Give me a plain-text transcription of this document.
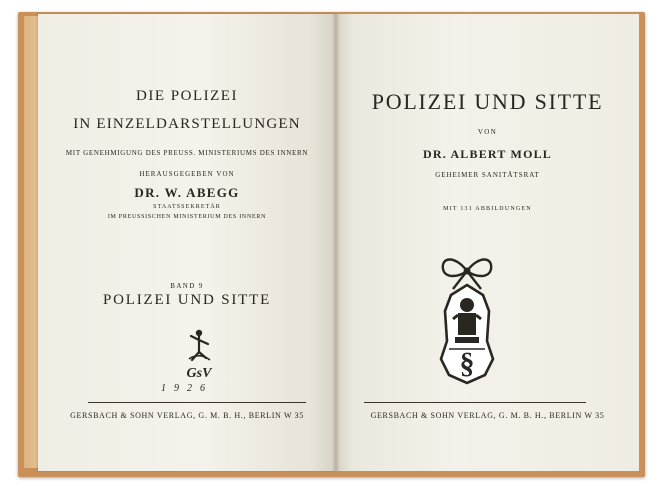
DIE POLIZEI
IN EINZELDARSTELLUNGEN
MIT GENEHMIGUNG DES PREUSS. MINISTERIUMS DES INNERN
HERAUSGEGEBEN VON
DR. W. ABEGG
STAATSSEKRETÄR
IM PREUSSISCHEN MINISTERIUM DES INNERN
BAND 9
POLIZEI UND SITTE
GsV
1926
GERSBACH & SOHN VERLAG, G. M. B. H., BERLIN W 35
POLIZEI UND SITTE
VON
DR. ALBERT MOLL
GEHEIMER SANITÄTSRAT
MIT 131 ABBILDUNGEN
§
GERSBACH & SOHN VERLAG, G. M. B. H., BERLIN W 35
